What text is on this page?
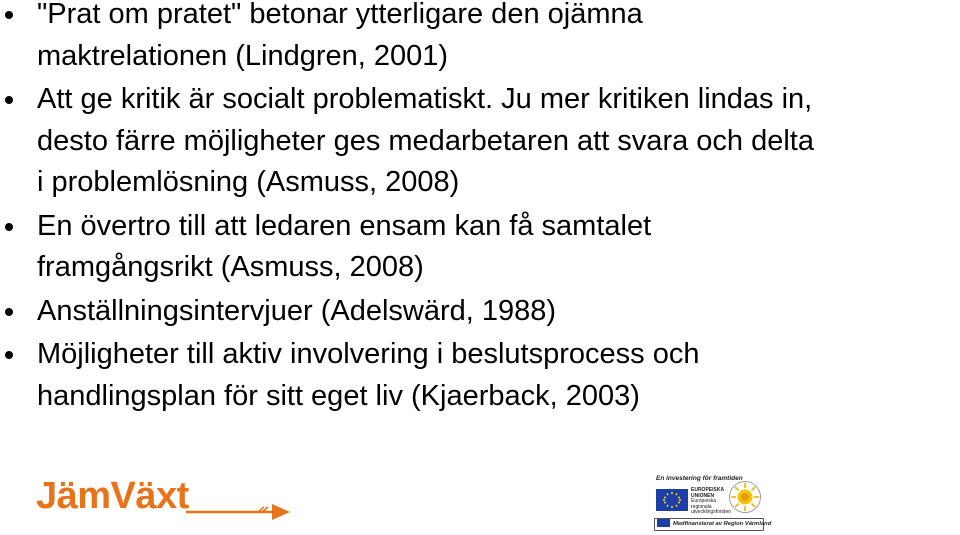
"Prat om pratet" betonar ytterligare den ojämna
maktrelationen (Lindgren, 2001)
Att ge kritik är socialt problematiskt. Ju mer kritiken lindas in,
desto färre möjligheter ges medarbetaren att svara och delta
i problemlösning (Asmuss, 2008)
En övertro till att ledaren ensam kan få samtalet
framgångsrikt (Asmuss, 2008)
Anställningsintervjuer (Adelswärd, 1988)
Möjligheter till aktiv involvering i beslutsprocess och
handlingsplan för sitt eget liv (Kjaerback, 2003)
JämVäxt	En investering för framtiden
EUROPEISKA
UNIONEN
Europeiska
regionala
utvecklingsfonden
Medfinansierat av Region Värmland
